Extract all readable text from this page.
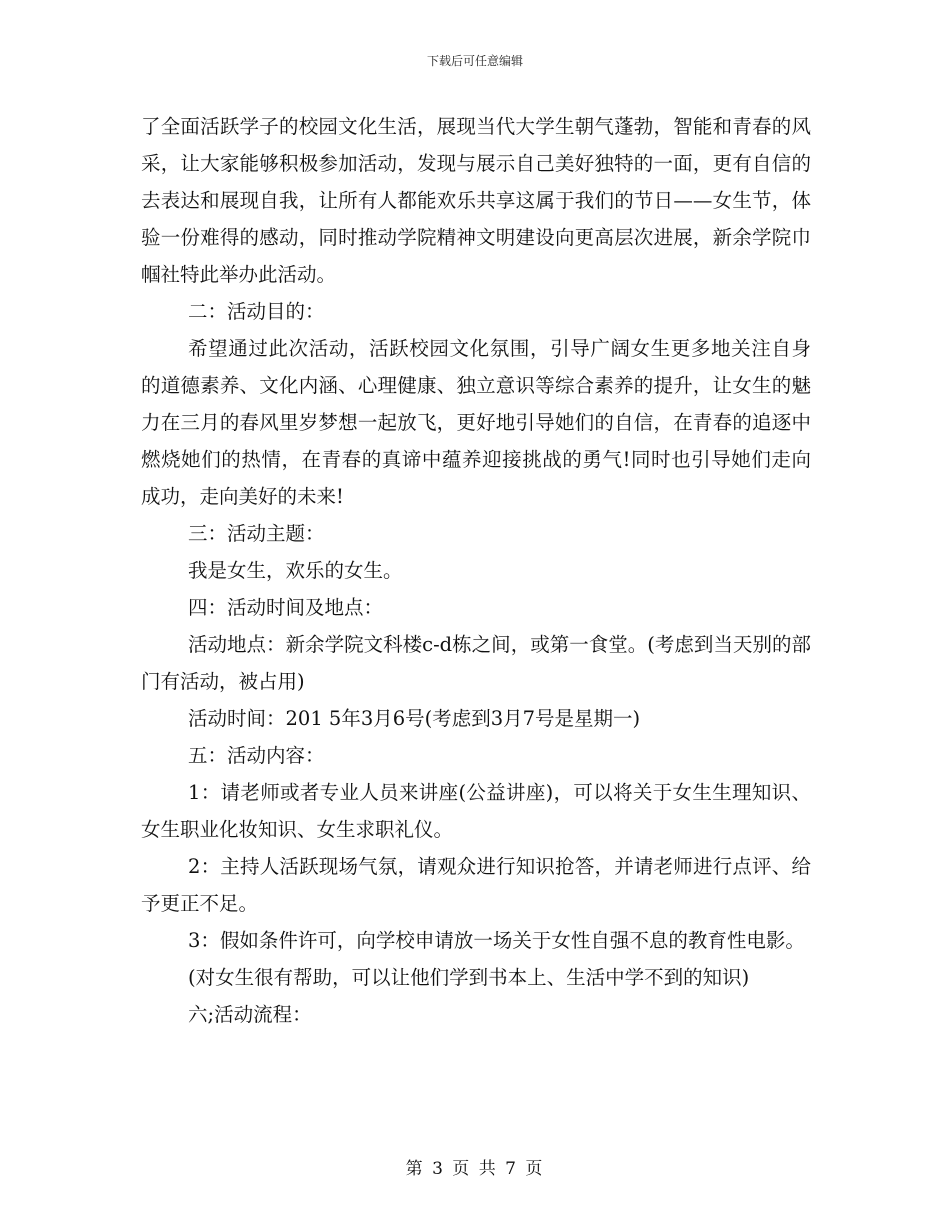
下载后可任意编辑

了全面活跃学子的校园文化生活，展现当代大学生朝气蓬勃，智能和青春的风采，让大家能够积极参加活动，发现与展示自己美好独特的一面，更有自信的去表达和展现自我，让所有人都能欢乐共享这属于我们的节日——女生节，体验一份难得的感动，同时推动学院精神文明建设向更高层次进展，新余学院巾帼社特此举办此活动。

二：活动目的：

希望通过此次活动，活跃校园文化氛围，引导广阔女生更多地关注自身的道德素养、文化内涵、心理健康、独立意识等综合素养的提升，让女生的魅力在三月的春风里岁梦想一起放飞，更好地引导她们的自信，在青春的追逐中燃烧她们的热情，在青春的真谛中蕴养迎接挑战的勇气!同时也引导她们走向成功，走向美好的未来!

三：活动主题：

我是女生，欢乐的女生。

四：活动时间及地点：

活动地点：新余学院文科楼c-d栋之间，或第一食堂。(考虑到当天别的部门有活动，被占用)

活动时间：201 5年3月6号(考虑到3月7号是星期一)

五：活动内容：

1：请老师或者专业人员来讲座(公益讲座)，可以将关于女生生理知识、女生职业化妆知识、女生求职礼仪。

2：主持人活跃现场气氛，请观众进行知识抢答，并请老师进行点评、给予更正不足。

3：假如条件许可，向学校申请放一场关于女性自强不息的教育性电影。

(对女生很有帮助，可以让他们学到书本上、生活中学不到的知识)

六;活动流程：

第 3 页 共 7 页
